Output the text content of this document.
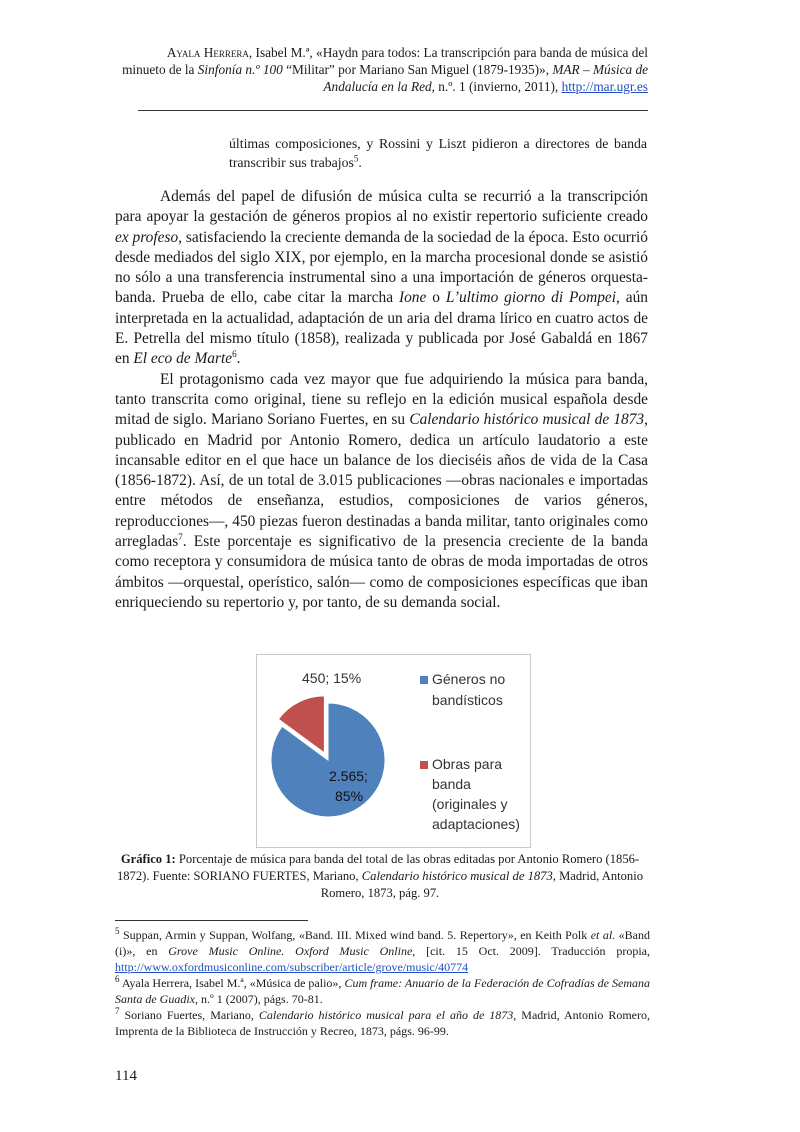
Ayala Herrera, Isabel M.ª, «Haydn para todos: La transcripción para banda de música del
minueto de la Sinfonía n.º 100 “Militar” por Mariano San Miguel (1879-1935)», MAR – Música de
Andalucía en la Red, n.º. 1 (invierno, 2011), http://mar.ugr.es
últimas composiciones, y Rossini y Liszt pidieron a directores de banda transcribir sus trabajos$^5$.

Además del papel de difusión de música culta se recurrió a la transcripción para apoyar la gestación de géneros propios al no existir repertorio suficiente creado ex profeso, satisfaciendo la creciente demanda de la sociedad de la época. Esto ocurrió desde mediados del siglo XIX, por ejemplo, en la marcha procesional donde se asistió no sólo a una transferencia instrumental sino a una importación de géneros orquesta-banda. Prueba de ello, cabe citar la marcha Ione o L’ultimo giorno di Pompei, aún interpretada en la actualidad, adaptación de un aria del drama lírico en cuatro actos de E. Petrella del mismo título (1858), realizada y publicada por José Gabaldá en 1867 en El eco de Marte$^6$.

El protagonismo cada vez mayor que fue adquiriendo la música para banda, tanto transcrita como original, tiene su reflejo en la edición musical española desde mitad de siglo. Mariano Soriano Fuertes, en su Calendario histórico musical de 1873, publicado en Madrid por Antonio Romero, dedica un artículo laudatorio a este incansable editor en el que hace un balance de los dieciséis años de vida de la Casa (1856-1872). Así, de un total de 3.015 publicaciones —obras nacionales e importadas entre métodos de enseñanza, estudios, composiciones de varios géneros, reproducciones—, 450 piezas fueron destinadas a banda militar, tanto originales como arregladas$^7$. Este porcentaje es significativo de la presencia creciente de la banda como receptora y consumidora de música tanto de obras de moda importadas de otros ámbitos —orquestal, operístico, salón— como de composiciones específicas que iban enriqueciendo su repertorio y, por tanto, de su demanda social.

450; 15%
2.565;
85%
Géneros no
bandísticos
Obras para
banda
(originales y
adaptaciones)
Gráfico 1: Porcentaje de música para banda del total de las obras editadas por Antonio Romero (1856-1872). Fuente: SORIANO FUERTES, Mariano, Calendario histórico musical de 1873, Madrid, Antonio Romero, 1873, pág. 97.

$^5$ Suppan, Armin y Suppan, Wolfang, «Band. III. Mixed wind band. 5. Repertory», en Keith Polk et al. «Band (i)», en Grove Music Online. Oxford Music Online, [cit. 15 Oct. 2009]. Traducción propia, http://www.oxfordmusiconline.com/subscriber/article/grove/music/40774

$^6$ Ayala Herrera, Isabel M.ª, «Música de palio», Cum frame: Anuario de la Federación de Cofradías de Semana Santa de Guadix, n.º 1 (2007), págs. 70-81.

$^7$ Soriano Fuertes, Mariano, Calendario histórico musical para el año de 1873, Madrid, Antonio Romero, Imprenta de la Biblioteca de Instrucción y Recreo, 1873, págs. 96-99.

114
